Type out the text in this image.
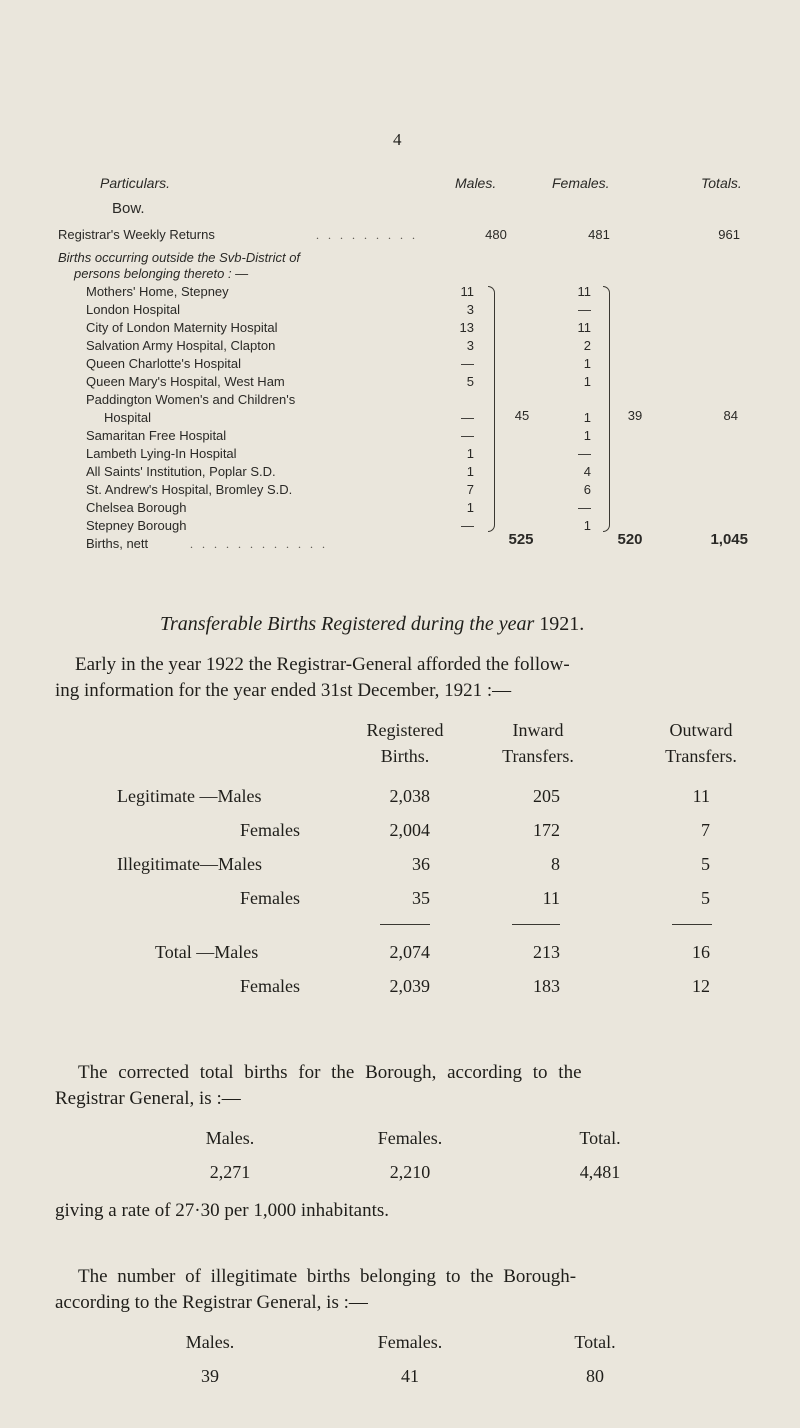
4
Particulars.	Males.	Females.	Totals.
Bow.
Registrar's Weekly Returns	. . . . . . . . .	480	481	961
Births occurring outside the Svb-District of
persons belonging thereto : —
Mothers' Home, Stepney	11	11
London Hospital	3	—
City of London Maternity Hospital	13	11
Salvation Army Hospital, Clapton	3	2
Queen Charlotte's Hospital	—	1
Queen Mary's Hospital, West Ham	5	1
Paddington Women's and Children's
Hospital	—	1
Samaritan Free Hospital	—	1
Lambeth Lying-In Hospital	1	—
All Saints' Institution, Poplar S.D.	1	4
St. Andrew's Hospital, Bromley S.D.	7	6
Chelsea Borough	1	—
Stepney Borough	—	1
45	39	84
Births, nett	. . . . . . . . . . . .	525	520	1,045
Transferable Births Registered during the year 1921.
Early in the year 1922 the Registrar-General afforded the follow-
ing information for the year ended 31st December, 1921 :—
Registered
Births.
Inward
Transfers.
Outward
Transfers.
Legitimate —Males	2,038	205	11
Females	2,004	172	7
Illegitimate—Males	36	8	5
Females	35	11	5
Total —Males	2,074	213	16
Females	2,039	183	12
The corrected total births for the Borough, according to the
Registrar General, is :—
Males.	Females.	Total.
2,271	2,210	4,481
giving a rate of 27·30 per 1,000 inhabitants.
The number of illegitimate births belonging to the Borough-
according to the Registrar General, is :—
Males.	Females.	Total.
39	41	80
